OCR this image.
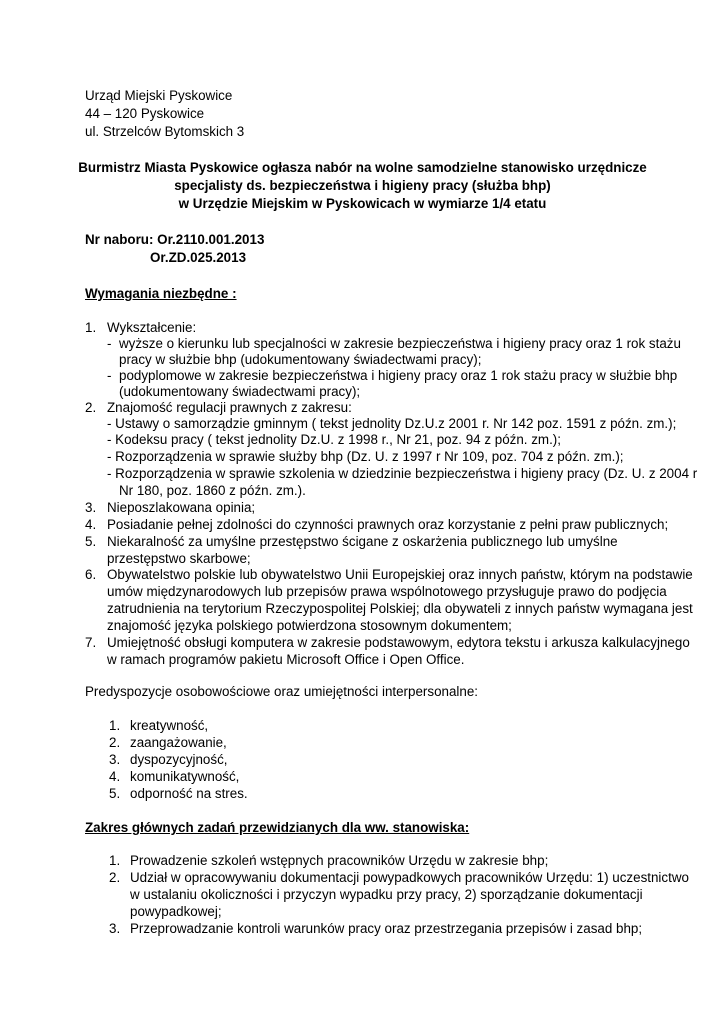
Urząd Miejski Pyskowice
44 – 120 Pyskowice
ul. Strzelców Bytomskich 3
Burmistrz Miasta Pyskowice ogłasza nabór na wolne samodzielne stanowisko urzędnicze
specjalisty ds. bezpieczeństwa i higieny pracy (służba bhp)
w Urzędzie Miejskim w Pyskowicach w wymiarze 1/4 etatu
Nr naboru: Or.2110.001.2013
Or.ZD.025.2013
Wymagania niezbędne :
1. Wykształcenie:
- wyższe o kierunku lub specjalności w zakresie bezpieczeństwa i higieny pracy oraz 1 rok stażu
pracy w służbie bhp (udokumentowany świadectwami pracy);
- podyplomowe w zakresie bezpieczeństwa i higieny pracy oraz 1 rok stażu pracy w służbie bhp
(udokumentowany świadectwami pracy);
2. Znajomość regulacji prawnych z zakresu:
- Ustawy o samorządzie gminnym ( tekst jednolity Dz.U.z 2001 r. Nr 142 poz. 1591 z późn. zm.);
- Kodeksu pracy ( tekst jednolity Dz.U. z 1998 r., Nr 21, poz. 94 z późn. zm.);
- Rozporządzenia w sprawie służby bhp (Dz. U. z 1997 r Nr 109, poz. 704 z późn. zm.);
- Rozporządzenia w sprawie szkolenia w dziedzinie bezpieczeństwa i higieny pracy (Dz. U. z 2004 r
Nr 180, poz. 1860 z późn. zm.).
3. Nieposzlakowana opinia;
4. Posiadanie pełnej zdolności do czynności prawnych oraz korzystanie z pełni praw publicznych;
5. Niekaralność za umyślne przestępstwo ścigane z oskarżenia publicznego lub umyślne
przestępstwo skarbowe;
6. Obywatelstwo polskie lub obywatelstwo Unii Europejskiej oraz innych państw, którym na podstawie
umów międzynarodowych lub przepisów prawa wspólnotowego przysługuje prawo do podjęcia
zatrudnienia na terytorium Rzeczypospolitej Polskiej; dla obywateli z innych państw wymagana jest
znajomość języka polskiego potwierdzona stosownym dokumentem;
7. Umiejętność obsługi komputera w zakresie podstawowym, edytora tekstu i arkusza kalkulacyjnego
w ramach programów pakietu Microsoft Office i Open Office.
Predyspozycje osobowościowe oraz umiejętności interpersonalne:
1. kreatywność,
2. zaangażowanie,
3. dyspozycyjność,
4. komunikatywność,
5. odporność na stres.
Zakres głównych zadań przewidzianych dla ww. stanowiska:
1. Prowadzenie szkoleń wstępnych pracowników Urzędu w zakresie bhp;
2. Udział w opracowywaniu dokumentacji powypadkowych pracowników Urzędu: 1) uczestnictwo
w ustalaniu okoliczności i przyczyn wypadku przy pracy, 2) sporządzanie dokumentacji
powypadkowej;
3. Przeprowadzanie kontroli warunków pracy oraz przestrzegania przepisów i zasad bhp;
